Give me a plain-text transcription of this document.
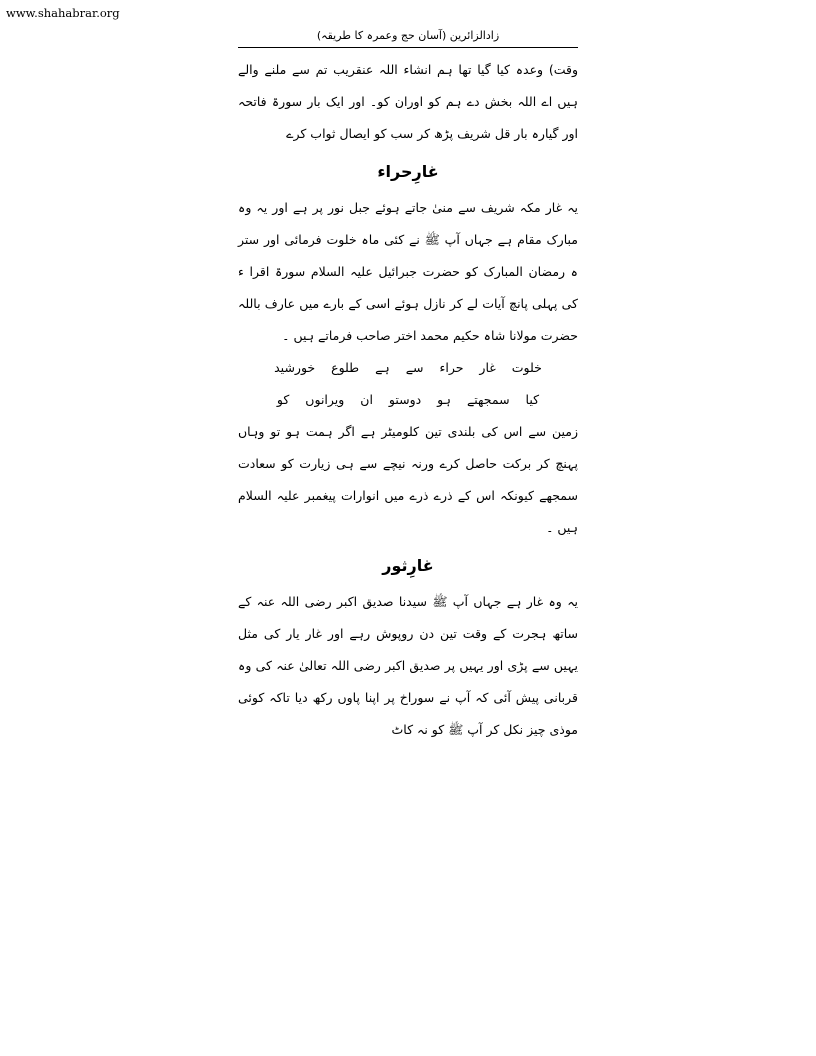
www.shahabrar.org
زادالزائرین (آسان حج وعمرہ کا طریقہ)

وقت) وعدہ کیا گیا تھا ہم انشاء اللہ عنقریب تم سے ملنے والے ہیں اے اللہ بخش دے ہم کو اوران کو۔ اور ایک بار سورۃ فاتحہ اور گیارہ بار قل شریف پڑھ کر سب کو ایصال ثواب کرے

غارِحراء

یہ غار مکہ شریف سے منیٰ جاتے ہوئے جبل نور پر ہے اور یہ وہ مبارک مقام ہے جہاں آپ ﷺ نے کئی ماہ خلوت فرمائی اور ستر ہ رمضان المبارک کو حضرت جبرائیل علیہ السلام سورۃ اقرا ء کی پہلی پانچ آیات لے کر نازل ہوئے اسی کے بارے میں عارف باللہ حضرت مولانا شاہ حکیم محمد اختر صاحب فرماتے ہیں ۔

خلوت غار حراء سے ہے طلوع خورشید

کیا سمجھتے ہو دوستو ان ویرانوں کو

زمین سے اس کی بلندی تین کلومیٹر ہے اگر ہمت ہو تو وہاں پہنچ کر برکت حاصل کرے ورنہ نیچے سے ہی زیارت کو سعادت سمجھے کیونکہ اس کے ذرے ذرے میں انوارات پیغمبر علیہ السلام ہیں ۔

غارِثور

یہ وہ غار ہے جہاں آپ ﷺ سیدنا صدیق اکبر رضی اللہ عنہ کے ساتھ ہجرت کے وقت تین دن روپوش رہے اور غار یار کی مثل یہیں سے پڑی اور یہیں پر صدیق اکبر رضی اللہ تعالیٰ عنہ کی وہ قربانی پیش آئی کہ آپ نے سوراخ پر اپنا پاوں رکھ دیا تاکہ کوئی موذی چیز نکل کر آپ ﷺ کو نہ کاٹ
